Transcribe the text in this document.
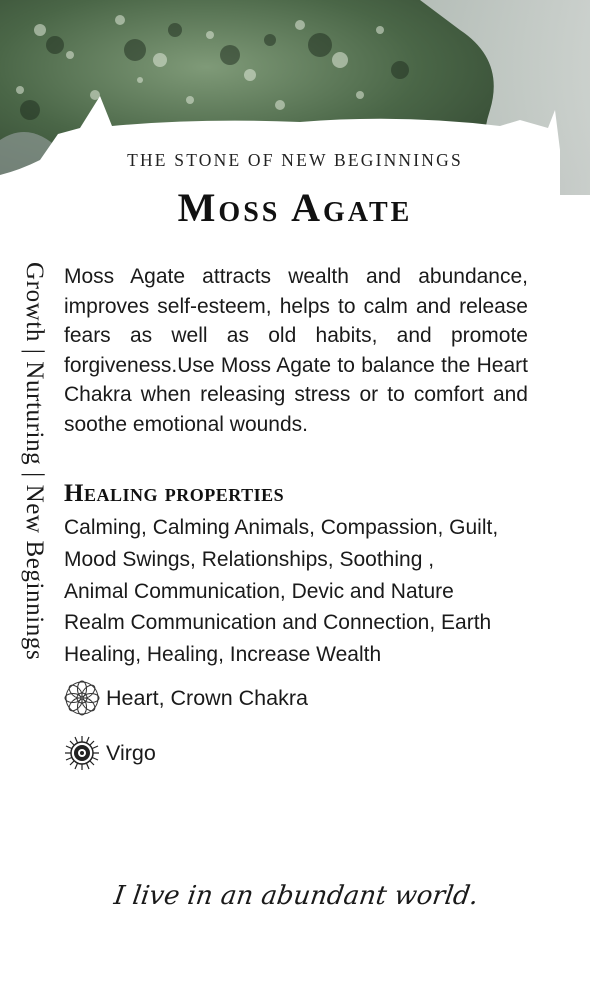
THE STONE OF NEW BEGINNINGS
Moss Agate
Growth | Nurturing | New Beginnings Moss Agate attracts wealth and abundance, improves self-esteem, helps to calm and release fears as well as old habits, and promote forgiveness.Use Moss Agate to balance the Heart Chakra when releasing stress or to comfort and soothe emotional wounds.
Healing properties
Calming, Calming Animals, Compassion, Guilt,
Mood Swings, Relationships, Soothing ,
Animal Communication, Devic and Nature
Realm Communication and Connection, Earth
Healing, Healing, Increase Wealth
Heart, Crown Chakra
Virgo
I live in an abundant world.
